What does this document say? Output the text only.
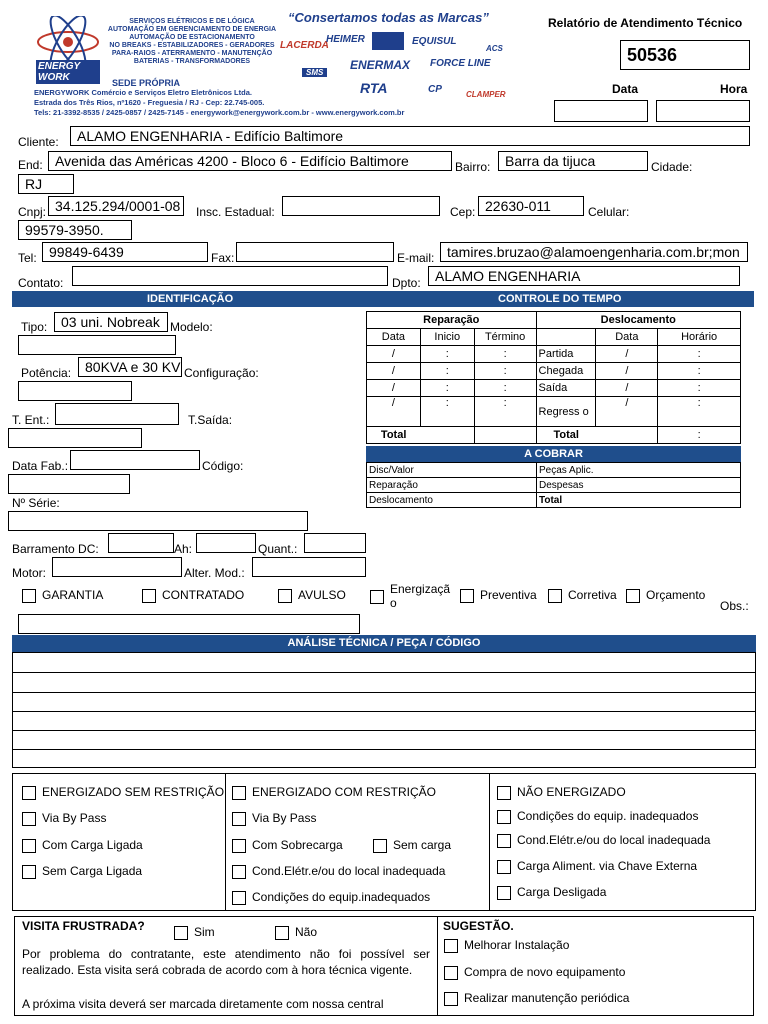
ENERGY
WORK
SERVIÇOS ELÉTRICOS E DE LÓGICA
AUTOMAÇÃO EM GERENCIAMENTO DE ENERGIA
AUTOMAÇÃO DE ESTACIONAMENTO
NO BREAKS - ESTABILIZADORES - GERADORES
PARA-RAIOS - ATERRAMENTO - MANUTENÇÃO
BATERIAS - TRANSFORMADORES
SEDE PRÓPRIA
ENERGYWORK Comércio e Serviços Eletro Eletrônicos Ltda.
Estrada dos Três Rios, nº1620 - Freguesia / RJ - Cep: 22.745-005.
Tels: 21-3392-8535 / 2425-0857 / 2425-7145 - energywork@energywork.com.br - www.energywork.com.br
“Consertamos todas as Marcas”
LACERDA
HEIMER	EQUISUL
ACS
SMS
ENERMAX FORCE LINE
RTA	CP	CLAMPER
Relatório de Atendimento Técnico
50536
Data	Hora
Cliente:	ALAMO ENGENHARIA - Edifício Baltimore
End: Avenida das Américas 4200 - Bloco 6 - Edifício Baltimore	Bairro:	Barra da tijuca	Cidade:
RJ
Cnpj: 34.125.294/0001-08	Insc. Estadual:	Cep: 22630-011	Celular:
99579-3950.
Tel: 99849-6439	Fax:	E-mail: tamires.bruzao@alamoengenharia.com.br;mon
Contato:	Dpto:	ALAMO ENGENHARIA
IDENTIFICAÇÃO	CONTROLE DO TEMPO
Tipo: 03 uni. Nobreak Modelo:
Potência: 80KVA e 30 KV Configuração:
T. Ent.:	T.Saída:
Data Fab.:	Código:
Nº Série:
Barramento DC:	Ah:	Quant.:
Motor:	Alter. Mod.:
Reparação			Deslocamento		
Data	Inicio	Término		Data	Horário
/	:	:	Partida	/	:
/	:	:	Chegada	/	:
/	:	:	Saída	/	:
/	:	:	Regress o	/	:
Total			Total		:
A COBRAR
Disc/Valor	Peças Aplic.
Reparação	Despesas
Deslocamento	Total
GARANTIA	CONTRATADO	AVULSO	Energização
Preventiva	Corretiva	Orçamento
Obs.:
ANÁLISE TÉCNICA / PEÇA / CÓDIGO
ENERGIZADO SEM RESTRIÇÃO
Via By Pass
Com Carga Ligada
Sem Carga Ligada
ENERGIZADO COM RESTRIÇÃO
Via By Pass
Com Sobrecarga	Sem carga
Cond.Elétr.e/ou do local inadequada
Condições do equip.inadequados
NÃO ENERGIZADO
Condições do equip. inadequados
Cond.Elétr.e/ou do local inadequada
Carga Aliment. via Chave Externa
Carga Desligada
VISITA FRUSTRADA?	Sim	Não
Por problema do contratante, este atendimento não foi possível ser realizado. Esta visita será cobrada de acordo com à hora técnica vigente.
A próxima visita deverá ser marcada diretamente com nossa central
SUGESTÃO.
Melhorar Instalação
Compra de novo equipamento
Realizar manutenção periódica
